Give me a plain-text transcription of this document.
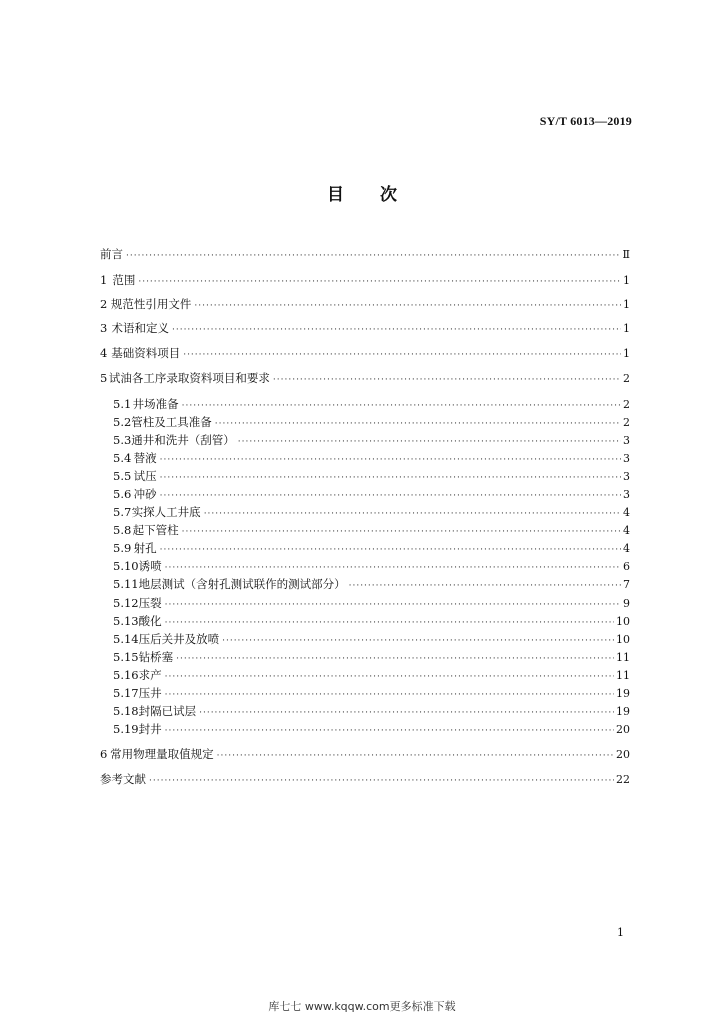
SY/T 6013—2019
目 次
前言 ·····	Ⅱ
1 范围 ·····	1
2 规范性引用文件 ·····	1
3 术语和定义 ·····	1
4 基础资料项目 ·····	1
5 试油各工序录取资料项目和要求 ·····	2
5.1 井场准备 ·····	2
5.2 管柱及工具准备 ·····	2
5.3 通井和洗井（刮管） ·····	3
5.4 替液 ·····	3
5.5 试压 ·····	3
5.6 冲砂 ·····	3
5.7 实探人工井底 ·····	4
5.8 起下管柱 ·····	4
5.9 射孔 ·····	4
5.10 诱喷 ·····	6
5.11 地层测试（含射孔测试联作的测试部分） ·····	7
5.12 压裂 ·····	9
5.13 酸化 ·····	10
5.14 压后关井及放喷 ·····	10
5.15 钻桥塞 ·····	11
5.16 求产 ·····	11
5.17 压井 ·····	19
5.18 封隔已试层 ·····	19
5.19 封井 ·····	20
6 常用物理量取值规定 ·····	20
参考文献 ·····	22
1
库七七 www.kqqw.com更多标准下载
